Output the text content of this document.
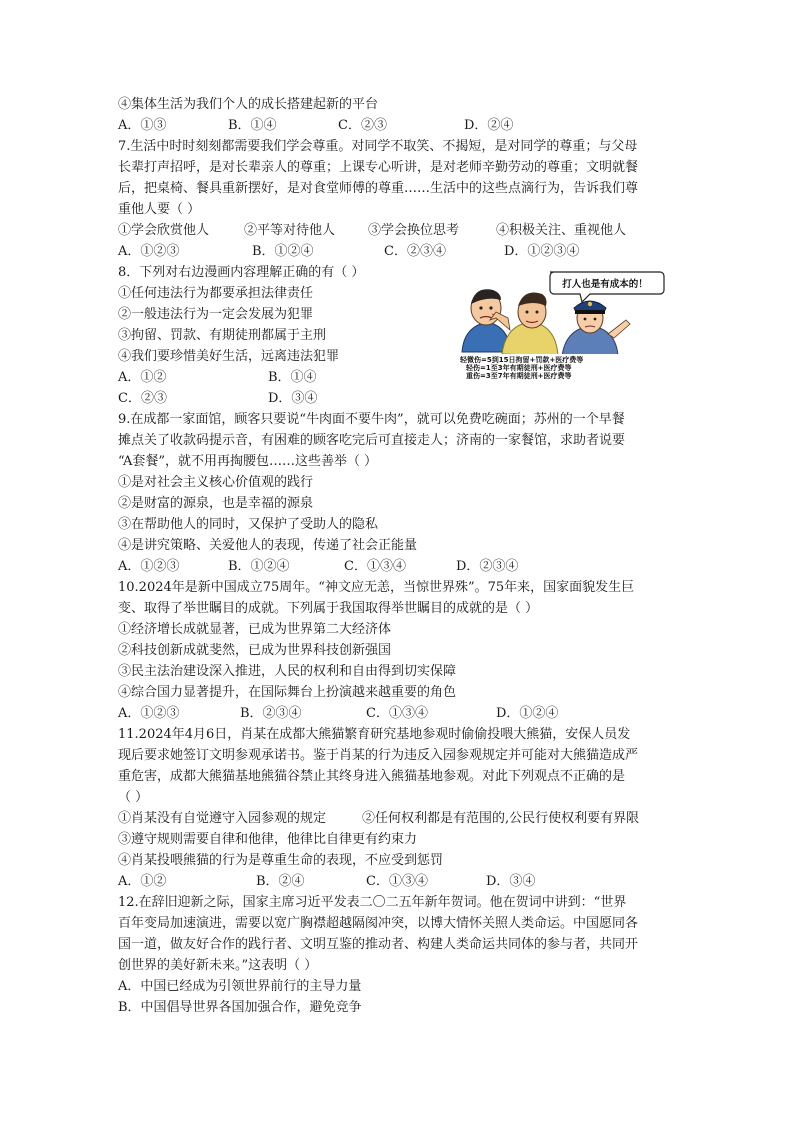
④集体生活为我们个人的成长搭建起新的平台
A．①③	B．①④	C．②③	D．②④
7.生活中时时刻刻都需要我们学会尊重。对同学不取笑、不揭短，是对同学的尊重；与父母
长辈打声招呼，是对长辈亲人的尊重；上课专心听讲，是对老师辛勤劳动的尊重；文明就餐
后，把桌椅、餐具重新摆好，是对食堂师傅的尊重……生活中的这些点滴行为，告诉我们尊
重他人要（ ）
①学会欣赏他人	②平等对待他人	③学会换位思考	④积极关注、重视他人
A．①②③	B．①②④	C．②③④	D．①②③④
8．下列对右边漫画内容理解正确的有（ ）
①任何违法行为都要承担法律责任
②一般违法行为一定会发展为犯罪
③拘留、罚款、有期徒刑都属于主刑
④我们要珍惜美好生活，远离违法犯罪
A．①②	B．①④
C．②③	D．③④
9.在成都一家面馆，顾客只要说“牛肉面不要牛肉”，就可以免费吃碗面；苏州的一个早餐
摊点关了收款码提示音，有困难的顾客吃完后可直接走人；济南的一家餐馆，求助者说要
“A套餐”，就不用再掏腰包……这些善举（ ）
①是对社会主义核心价值观的践行
②是财富的源泉，也是幸福的源泉
③在帮助他人的同时，又保护了受助人的隐私
④是讲究策略、关爱他人的表现，传递了社会正能量
A．①②③	B．①②④	C．①③④	D．②③④
10.2024年是新中国成立75周年。“神文应无恙，当惊世界殊”。75年来，国家面貌发生巨
变、取得了举世瞩目的成就。下列属于我国取得举世瞩目的成就的是（ ）
①经济增长成就显著，已成为世界第二大经济体
②科技创新成就斐然，已成为世界科技创新强国
③民主法治建设深入推进，人民的权利和自由得到切实保障
④综合国力显著提升，在国际舞台上扮演越来越重要的角色
A．①②③	B．②③④	C．①③④	D．①②④
11.2024年4月6日，肖某在成都大熊猫繁育研究基地参观时偷偷投喂大熊猫，安保人员发
现后要求她签订文明参观承诺书。鉴于肖某的行为违反入园参观规定并可能对大熊猫造成严
重危害，成都大熊猫基地熊猫谷禁止其终身进入熊猫基地参观。对此下列观点不正确的是
（ ）
①肖某没有自觉遵守入园参观的规定	②任何权利都是有范围的,公民行使权利要有界限
③遵守规则需要自律和他律，他律比自律更有约束力
④肖某投喂熊猫的行为是尊重生命的表现，不应受到惩罚
A．①②	B．②④	C．①③④	D．③④
12.在辞旧迎新之际，国家主席习近平发表二〇二五年新年贺词。他在贺词中讲到：“世界
百年变局加速演进，需要以宽广胸襟超越隔阂冲突，以博大情怀关照人类命运。中国愿同各
国一道，做友好合作的践行者、文明互鉴的推动者、构建人类命运共同体的参与者，共同开
创世界的美好新未来。”这表明（ ）
A．中国已经成为引领世界前行的主导力量
B．中国倡导世界各国加强合作，避免竞争
打人也是有成本的！
轻微伤=5到15日拘留+罚款+医疗费等
轻伤=1至3年有期徒刑+医疗费等
重伤=3至7年有期徒刑+医疗费等
